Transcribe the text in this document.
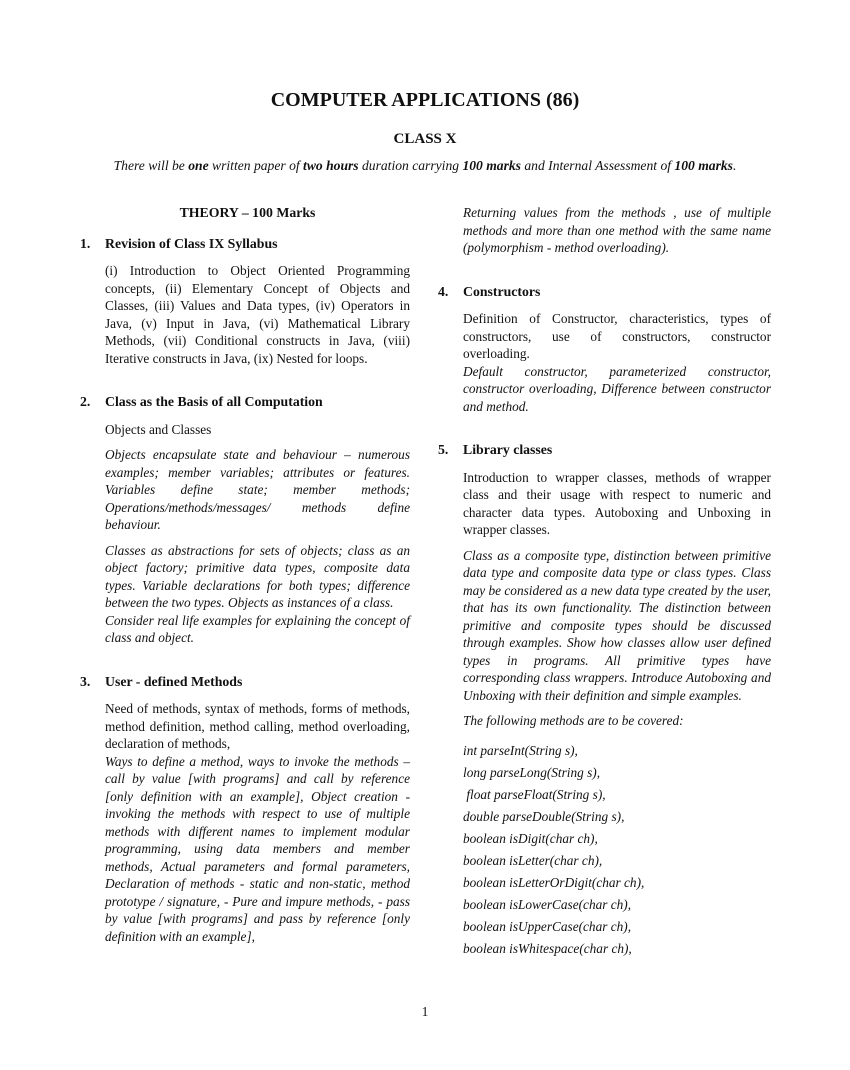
COMPUTER APPLICATIONS (86)
CLASS X
There will be one written paper of two hours duration carrying 100 marks and Internal Assessment of 100 marks.
THEORY – 100 Marks
1.	Revision of Class IX Syllabus

(i) Introduction to Object Oriented Programming concepts, (ii) Elementary Concept of Objects and Classes, (iii) Values and Data types, (iv) Operators in Java, (v) Input in Java, (vi) Mathematical Library Methods, (vii) Conditional constructs in Java, (viii) Iterative constructs in Java, (ix) Nested for loops.

2.	Class as the Basis of all Computation

Objects and Classes

Objects encapsulate state and behaviour – numerous examples; member variables; attributes or features. Variables define state; member methods; Operations/methods/messages/ methods define behaviour.

Classes as abstractions for sets of objects; class as an object factory; primitive data types, composite data types. Variable declarations for both types; difference between the two types. Objects as instances of a class.

Consider real life examples for explaining the concept of class and object.

3.	User - defined Methods

Need of methods, syntax of methods, forms of methods, method definition, method calling, method overloading, declaration of methods,

Ways to define a method, ways to invoke the methods – call by value [with programs] and call by reference [only definition with an example], Object creation - invoking the methods with respect to use of multiple methods with different names to implement modular programming, using data members and member methods, Actual parameters and formal parameters, Declaration of methods - static and non-static, method prototype / signature, - Pure and impure methods, - pass by value [with programs] and pass by reference [only definition with an example],

Returning values from the methods , use of multiple methods and more than one method with the same name (polymorphism - method overloading).

4.	Constructors

Definition of Constructor, characteristics, types of constructors, use of constructors, constructor overloading.

Default constructor, parameterized constructor, constructor overloading, Difference between constructor and method.

5.	Library classes

Introduction to wrapper classes, methods of wrapper class and their usage with respect to numeric and character data types. Autoboxing and Unboxing in wrapper classes.

Class as a composite type, distinction between primitive data type and composite data type or class types. Class may be considered as a new data type created by the user, that has its own functionality. The distinction between primitive and composite types should be discussed through examples. Show how classes allow user defined types in programs. All primitive types have corresponding class wrappers. Introduce Autoboxing and Unboxing with their definition and simple examples.

The following methods are to be covered:

int parseInt(String s),

long parseLong(String s),

float parseFloat(String s),

double parseDouble(String s),

boolean isDigit(char ch),

boolean isLetter(char ch),

boolean isLetterOrDigit(char ch),

boolean isLowerCase(char ch),

boolean isUpperCase(char ch),

boolean isWhitespace(char ch),

1
